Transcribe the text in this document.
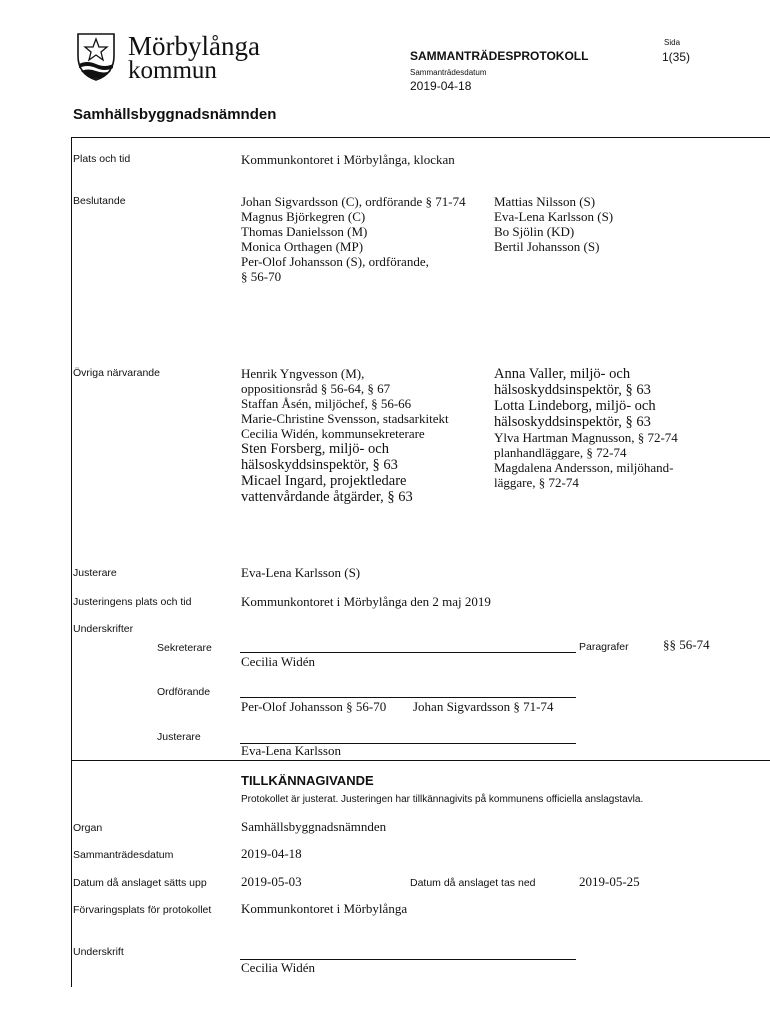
Mörbylånga
kommun
SAMMANTRÄDESPROTOKOLL
Sammanträdesdatum
2019-04-18
Sida
1(35)
Samhällsbyggnadsnämnden
Plats och tid	Kommunkontoret i Mörbylånga, klockan
Beslutande	Johan Sigvardsson (C), ordförande § 71-74
Magnus Björkegren (C)
Thomas Danielsson (M)
Monica Orthagen (MP)
Per-Olof Johansson (S), ordförande,
§ 56-70
Mattias Nilsson (S)
Eva-Lena Karlsson (S)
Bo Sjölin (KD)
Bertil Johansson (S)
Övriga närvarande	Henrik Yngvesson (M),
oppositionsråd § 56-64, § 67
Staffan Åsén, miljöchef, § 56-66
Marie-Christine Svensson, stadsarkitekt
Cecilia Widén, kommunsekreterare
Sten Forsberg, miljö- och
hälsoskyddsinspektör, § 63
Micael Ingard, projektledare
vattenvårdande åtgärder, § 63
Anna Valler, miljö- och
hälsoskyddsinspektör, § 63
Lotta Lindeborg, miljö- och
hälsoskyddsinspektör, § 63
Ylva Hartman Magnusson, § 72-74
planhandläggare, § 72-74
Magdalena Andersson, miljöhand-
läggare, § 72-74
Justerare	Eva-Lena Karlsson (S)
Justeringens plats och tid	Kommunkontoret i Mörbylånga den 2 maj 2019
Underskrifter
Sekreterare
Cecilia Widén
Paragrafer	§§ 56-74
Ordförande
Per-Olof Johansson § 56-70 Johan Sigvardsson § 71-74
Justerare
Eva-Lena Karlsson
TILLKÄNNAGIVANDE
Protokollet är justerat. Justeringen har tillkännagivits på kommunens officiella anslagstavla.
Organ	Samhällsbyggnadsnämnden
Sammanträdesdatum	2019-04-18
Datum då anslaget sätts upp	2019-05-03	Datum då anslaget tas ned	2019-05-25
Förvaringsplats för protokollet Kommunkontoret i Mörbylånga
Underskrift
Cecilia Widén
